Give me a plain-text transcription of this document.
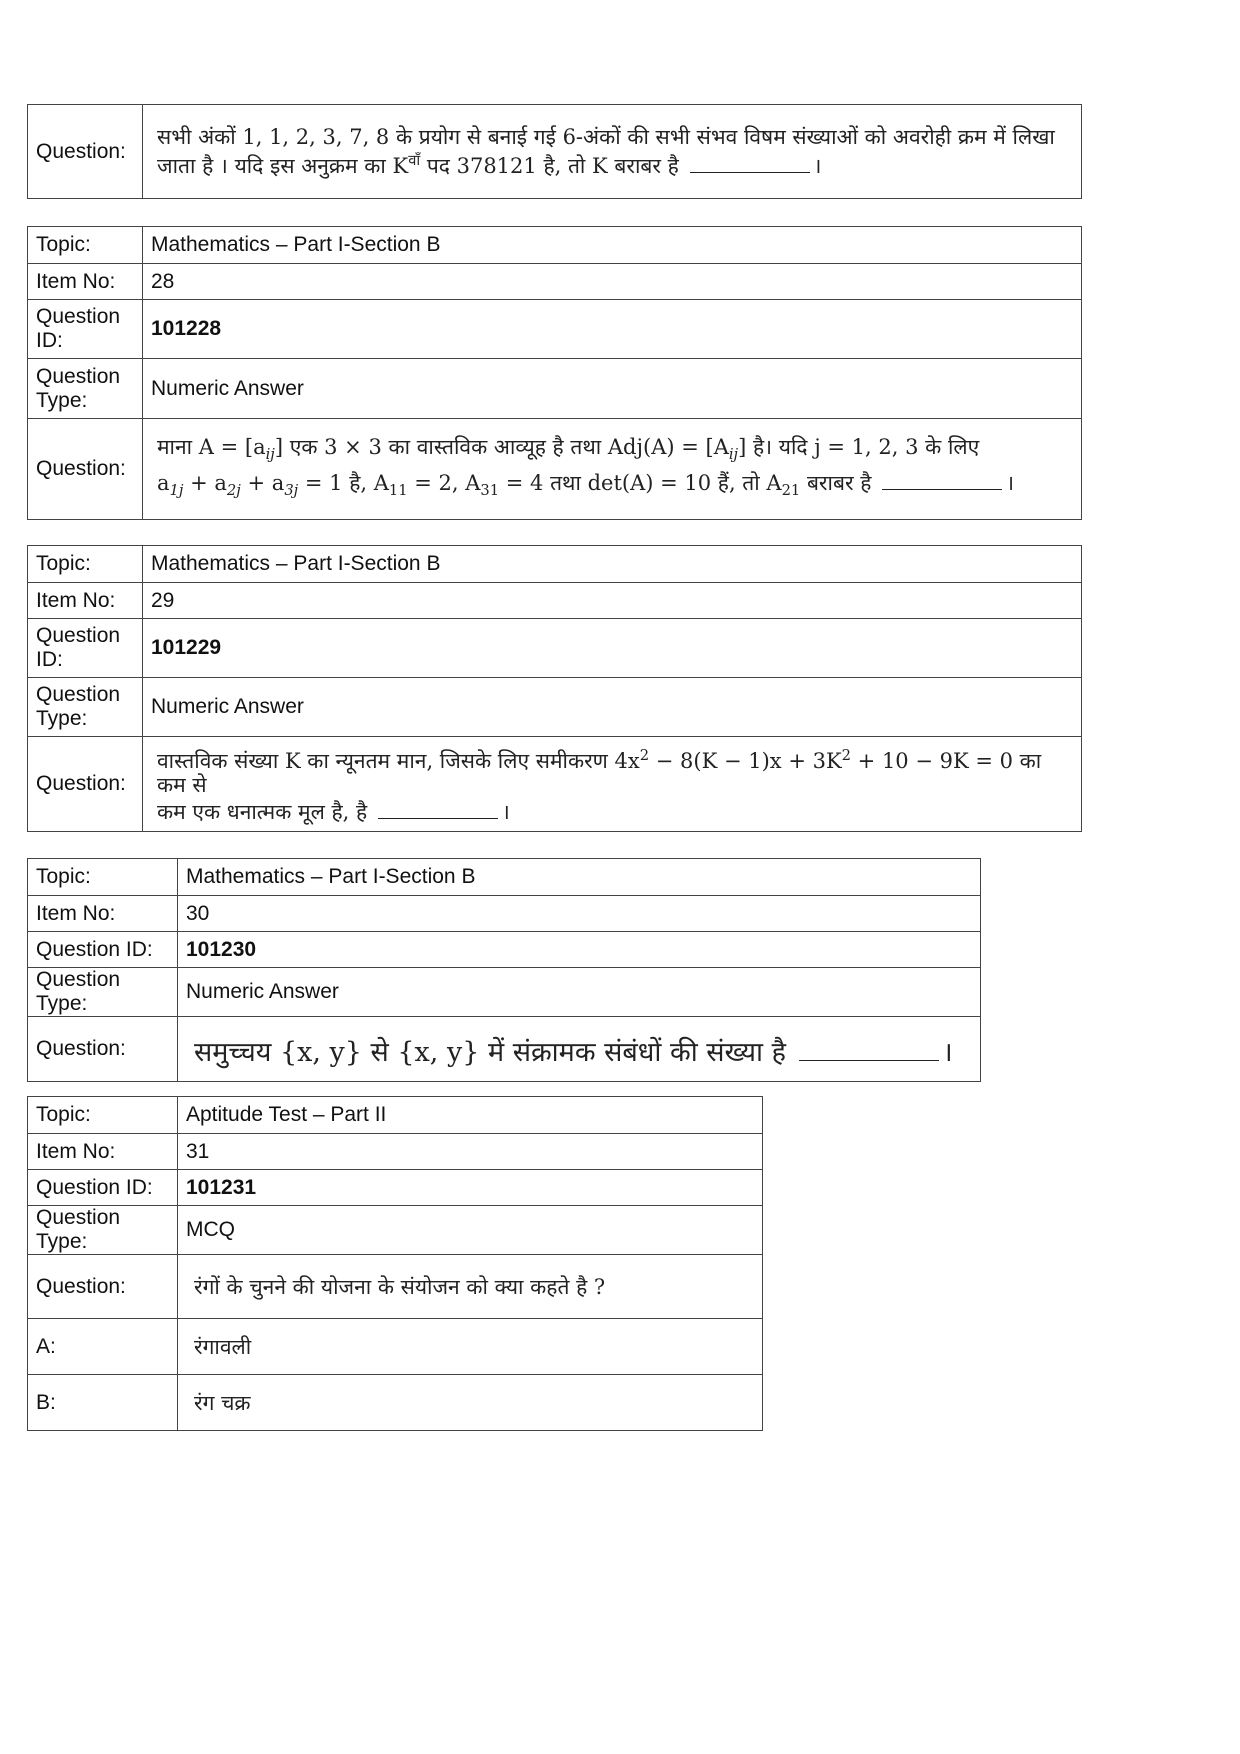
Question:	सभी अंकों 1, 1, 2, 3, 7, 8 के प्रयोग से बनाई गई 6-अंकों की सभी संभव विषम संख्याओं को अवरोही क्रम में लिखा
जाता है । यदि इस अनुक्रम का $K^{वाँ}$ पद 378121 है, तो K बराबर है	।
Topic:	Mathematics – Part I-Section B
Item No:	28
Question
ID:	101228
Question
Type:	Numeric Answer
Question:	माना $A = [a_{ij}]$ एक 3 × 3 का वास्तविक आव्यूह है तथा $Adj(A) = [A_{ij}]$ है। यदि j = 1, 2, 3 के लिए
$a_{1j} + a_{2j} + a_{3j} = 1$ है, $A_{11} = 2$, $A_{31} = 4$ तथा det(A) = 10 हैं, तो $A_{21}$ बराबर है ।
Topic:	Mathematics – Part I-Section B
Item No:	29
Question
ID:	101229
Question
Type:	Numeric Answer
Question:	वास्तविक संख्या K का न्यूनतम मान, जिसके लिए समीकरण $4x^2 - 8(K - 1)x + 3K^2 + 10 - 9K = 0$ का कम से
कम एक धनात्मक मूल है, है ।
Topic:	Mathematics – Part I-Section B
Item No:	30
Question ID:	101230
Question Type:	Numeric Answer
Question:	समुच्चय {x, y} से {x, y} में संक्रामक संबंधों की संख्या है ।
Topic:	Aptitude Test – Part II
Item No:	31
Question ID:	101231
Question Type:	MCQ
Question:	रंगों के चुनने की योजना के संयोजन को क्या कहते है ?
A:	रंगावली
B:	रंग चक्र
